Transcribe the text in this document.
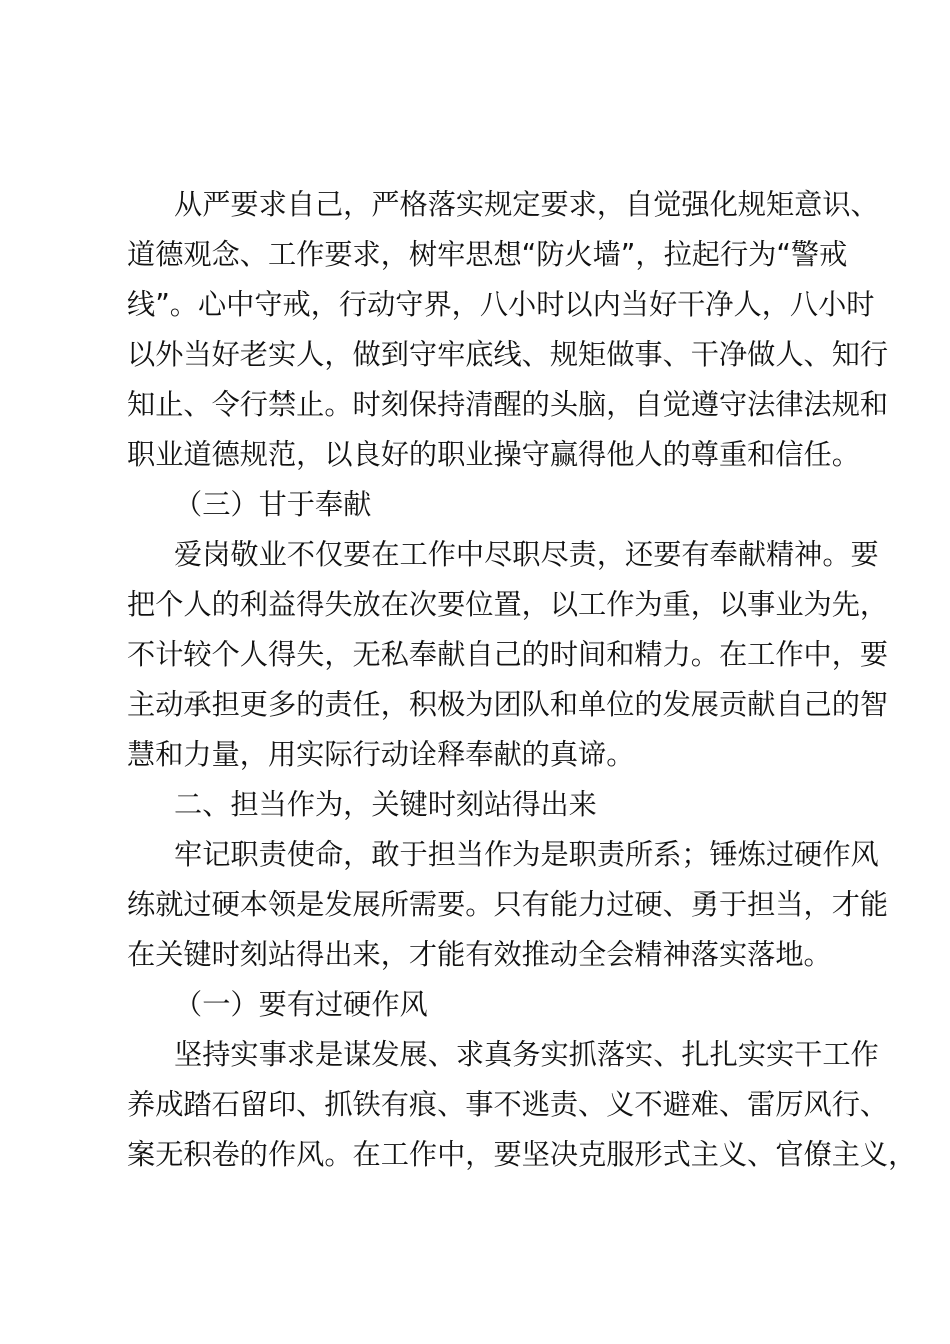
从严要求自己，严格落实规定要求，自觉强化规矩意识、
道德观念、工作要求，树牢思想“防火墙”，拉起行为“警戒
线”。心中守戒，行动守界，八小时以内当好干净人，八小时
以外当好老实人，做到守牢底线、规矩做事、干净做人、知行
知止、令行禁止。时刻保持清醒的头脑，自觉遵守法律法规和
职业道德规范，以良好的职业操守赢得他人的尊重和信任。
（三）甘于奉献
爱岗敬业不仅要在工作中尽职尽责，还要有奉献精神。要
把个人的利益得失放在次要位置，以工作为重，以事业为先，
不计较个人得失，无私奉献自己的时间和精力。在工作中，要
主动承担更多的责任，积极为团队和单位的发展贡献自己的智
慧和力量，用实际行动诠释奉献的真谛。
二、担当作为，关键时刻站得出来
牢记职责使命，敢于担当作为是职责所系；锤炼过硬作风
练就过硬本领是发展所需要。只有能力过硬、勇于担当，才能
在关键时刻站得出来，才能有效推动全会精神落实落地。
（一）要有过硬作风
坚持实事求是谋发展、求真务实抓落实、扎扎实实干工作
养成踏石留印、抓铁有痕、事不逃责、义不避难、雷厉风行、
案无积卷的作风。在工作中，要坚决克服形式主义、官僚主义，
